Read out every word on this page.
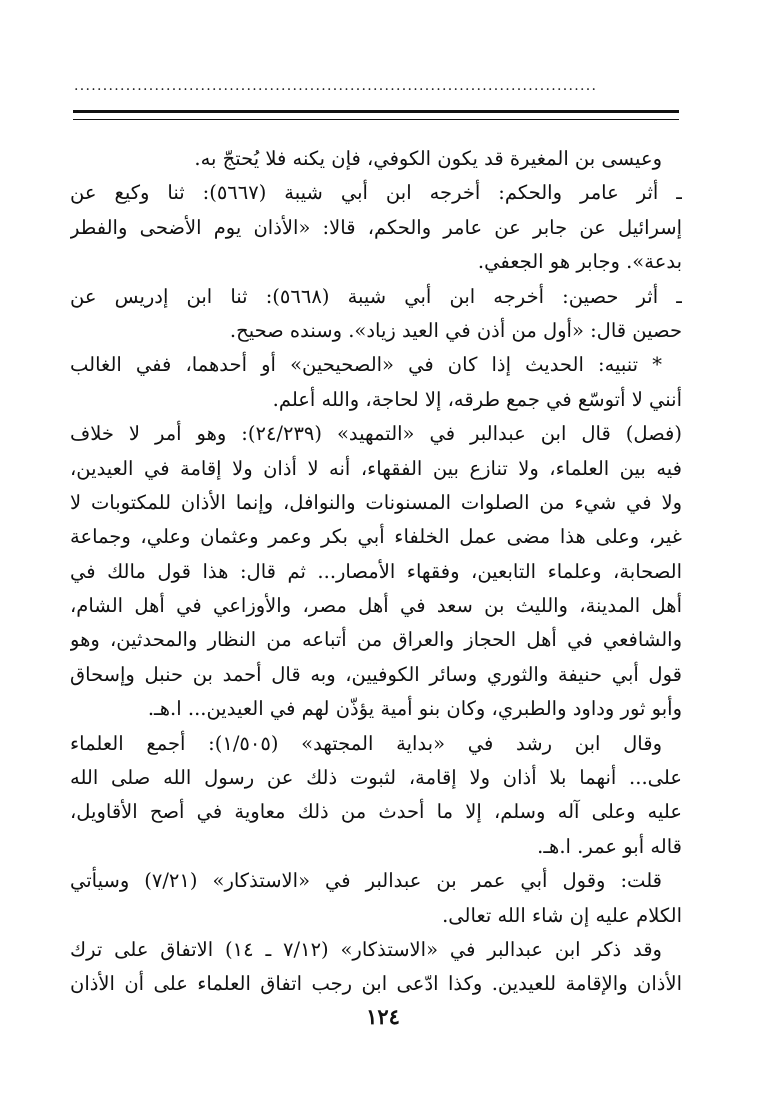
...........................................................................................
وعيسى بن المغيرة قد يكون الكوفي، فإن يكنه فلا يُحتجّ به.
ـ أثر عامر والحكم: أخرجه ابن أبي شيبة (٥٦٦٧): ثنا وكيع عن
إسرائيل عن جابر عن عامر والحكم، قالا: «الأذان يوم الأضحى والفطر
بدعة». وجابر هو الجعفي.
ـ أثر حصين: أخرجه ابن أبي شيبة (٥٦٦٨): ثنا ابن إدريس عن
حصين قال: «أول من أذن في العيد زياد». وسنده صحيح.
* تنبيه: الحديث إذا كان في «الصحيحين» أو أحدهما، ففي الغالب
أنني لا أتوسّع في جمع طرقه، إلا لحاجة، والله أعلم.
(فصل) قال ابن عبدالبر في «التمهيد» (٢٤/٢٣٩): وهو أمر لا خلاف
فيه بين العلماء، ولا تنازع بين الفقهاء، أنه لا أذان ولا إقامة في العيدين،
ولا في شيء من الصلوات المسنونات والنوافل، وإنما الأذان للمكتوبات لا
غير، وعلى هذا مضى عمل الخلفاء أبي بكر وعمر وعثمان وعلي، وجماعة
الصحابة، وعلماء التابعين، وفقهاء الأمصار... ثم قال: هذا قول مالك في
أهل المدينة، والليث بن سعد في أهل مصر، والأوزاعي في أهل الشام،
والشافعي في أهل الحجاز والعراق من أتباعه من النظار والمحدثين، وهو
قول أبي حنيفة والثوري وسائر الكوفيين، وبه قال أحمد بن حنبل وإسحاق
وأبو ثور وداود والطبري، وكان بنو أمية يؤذّن لهم في العيدين... ا.هـ.
وقال ابن رشد في «بداية المجتهد» (١/٥٠٥): أجمع العلماء
على... أنهما بلا أذان ولا إقامة، لثبوت ذلك عن رسول الله صلى الله
عليه وعلى آله وسلم، إلا ما أحدث من ذلك معاوية في أصح الأقاويل،
قاله أبو عمر. ا.هـ.
قلت: وقول أبي عمر بن عبدالبر في «الاستذكار» (٧/٢١) وسيأتي
الكلام عليه إن شاء الله تعالى.
وقد ذكر ابن عبدالبر في «الاستذكار» (٧/١٢ ـ ١٤) الاتفاق على ترك
الأذان والإقامة للعيدين. وكذا ادّعى ابن رجب اتفاق العلماء على أن الأذان
١٢٤
